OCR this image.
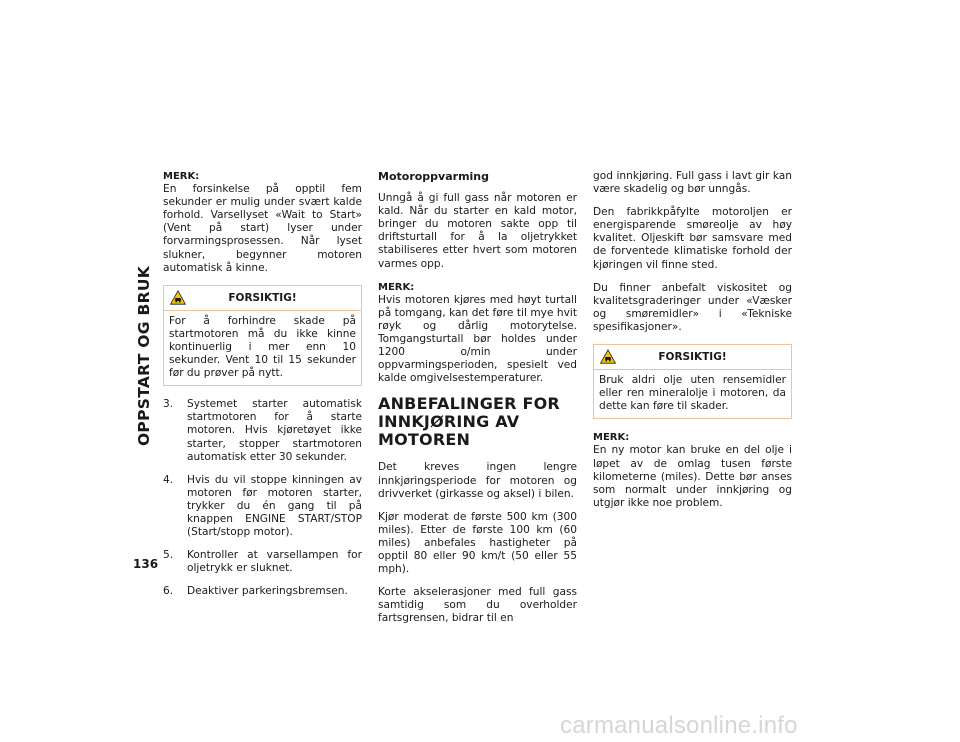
OPPSTART OG BRUK
136
MERK:
En forsinkelse på opptil fem sekunder er mulig under svært kalde forhold. Varsellyset «Wait to Start» (Vent på start) lyser under forvarmingsprosessen. Når lyset slukner, begynner motoren automatisk å kinne.
FORSIKTIG!
For å forhindre skade på startmotoren må du ikke kinne kontinuerlig i mer enn 10 sekunder. Vent 10 til 15 sekunder før du prøver på nytt.
3.	Systemet starter automatisk startmotoren for å starte motoren. Hvis kjøretøyet ikke starter, stopper startmotoren automatisk etter 30 sekunder.
4.	Hvis du vil stoppe kinningen av motoren før motoren starter, trykker du én gang til på knappen ENGINE START/STOP (Start/stopp motor).
5.	Kontroller at varsellampen for oljetrykk er sluknet.
6.	Deaktiver parkeringsbremsen.
Motoroppvarming

Unngå å gi full gass når motoren er kald. Når du starter en kald motor, bringer du motoren sakte opp til driftsturtall for å la oljetrykket stabiliseres etter hvert som motoren varmes opp.

MERK:
Hvis motoren kjøres med høyt turtall på tomgang, kan det føre til mye hvit røyk og dårlig motorytelse. Tomgangsturtall bør holdes under 1200 o/min under oppvarmingsperioden, spesielt ved kalde omgivelsestemperaturer.
ANBEFALINGER FOR INNKJØRING AV MOTOREN

Det kreves ingen lengre innkjøringsperiode for motoren og drivverket (girkasse og aksel) i bilen.

Kjør moderat de første 500 km (300 miles). Etter de første 100 km (60 miles) anbefales hastigheter på opptil 80 eller 90 km/t (50 eller 55 mph).

Korte akselerasjoner med full gass samtidig som du overholder fartsgrensen, bidrar til en

god innkjøring. Full gass i lavt gir kan være skadelig og bør unngås.

Den fabrikkpåfylte motoroljen er energisparende smøreolje av høy kvalitet. Oljeskift bør samsvare med de forventede klimatiske forhold der kjøringen vil finne sted.

Du finner anbefalt viskositet og kvalitetsgraderinger under «Væsker og smøremidler» i «Tekniske spesifikasjoner».

FORSIKTIG!
Bruk aldri olje uten rensemidler eller ren mineralolje i motoren, da dette kan føre til skader.
MERK:
En ny motor kan bruke en del olje i løpet av de omlag tusen første kilometerne (miles). Dette bør anses som normalt under innkjøring og utgjør ikke noe problem.
carmanualsonline.info
